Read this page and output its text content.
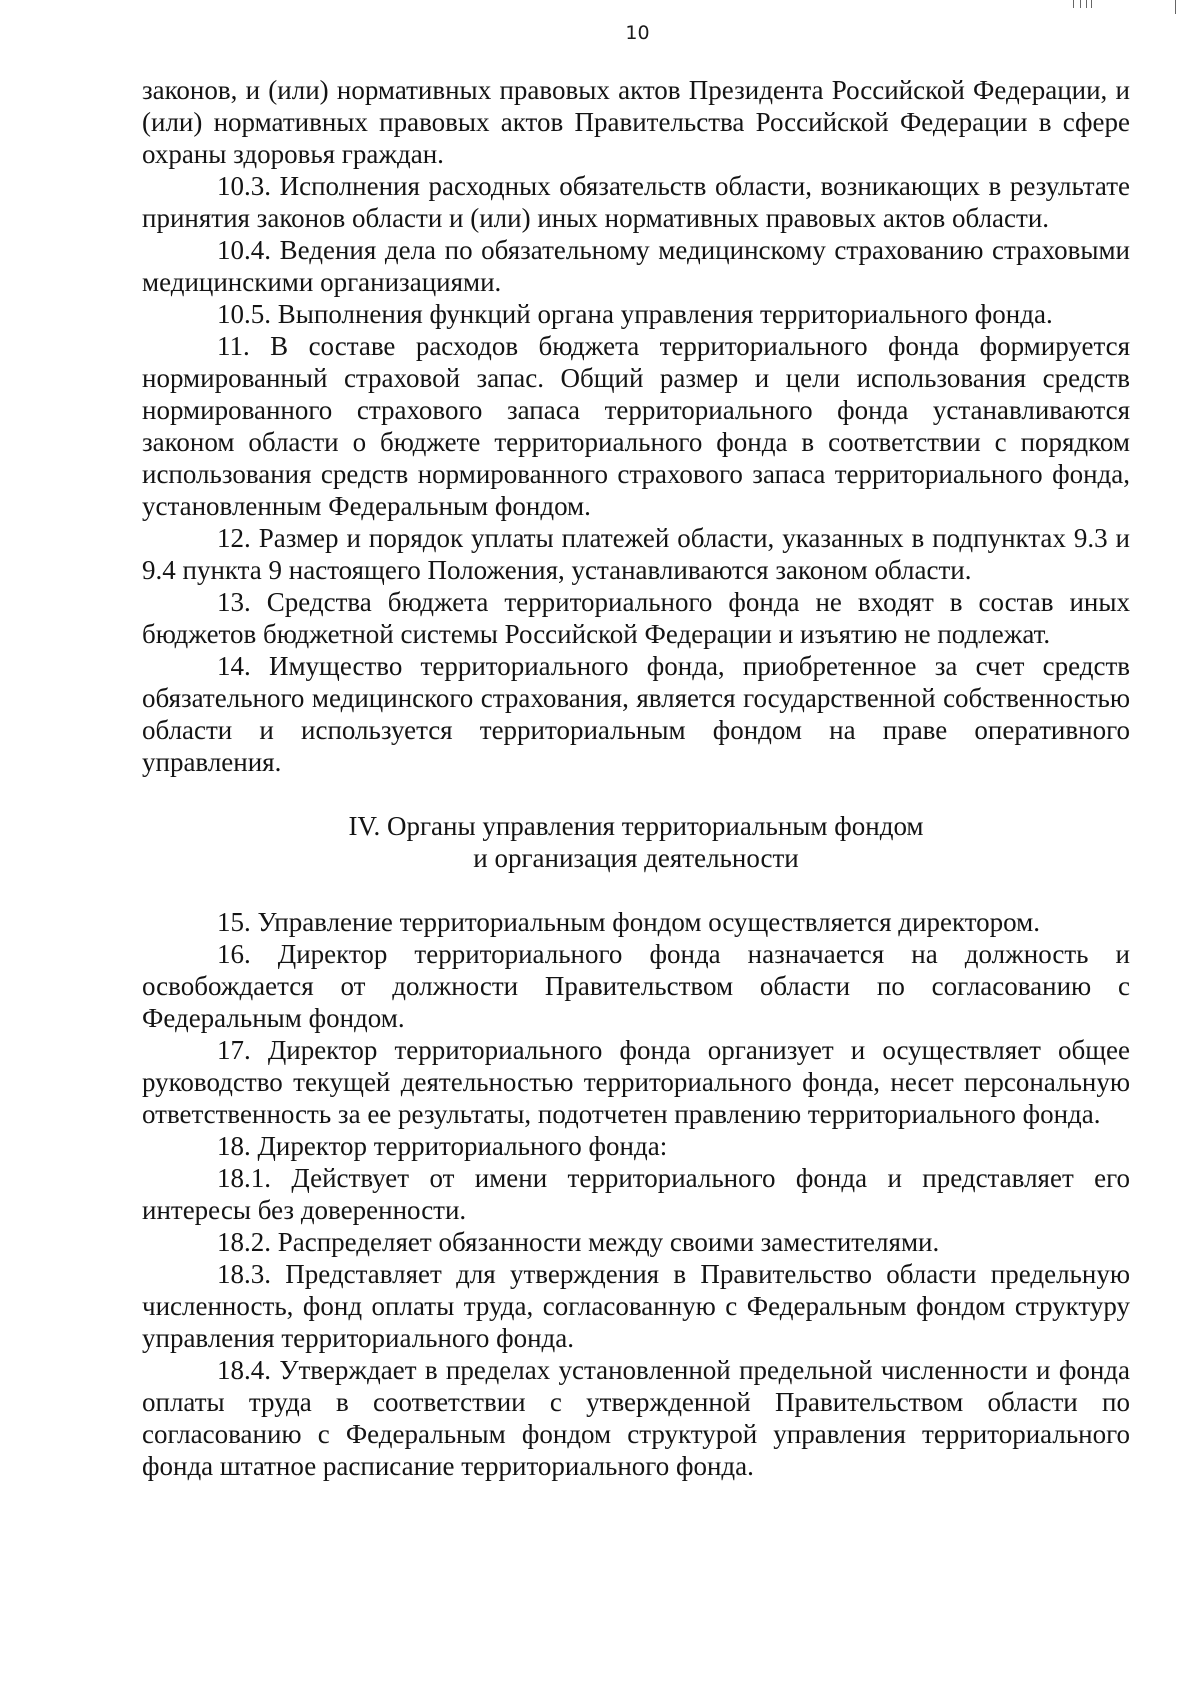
10

законов, и (или) нормативных правовых актов Президента Российской Федерации, и (или) нормативных правовых актов Правительства Российской Федерации в сфере охраны здоровья граждан.

10.3. Исполнения расходных обязательств области, возникающих в результате принятия законов области и (или) иных нормативных правовых актов области.

10.4. Ведения дела по обязательному медицинскому страхованию страховыми медицинскими организациями.

10.5. Выполнения функций органа управления территориального фонда.

11. В составе расходов бюджета территориального фонда формируется нормированный страховой запас. Общий размер и цели использования средств нормированного страхового запаса территориального фонда устанавливаются законом области о бюджете территориального фонда в соответствии с порядком использования средств нормированного страхового запаса территориального фонда, установленным Федеральным фондом.

12. Размер и порядок уплаты платежей области, указанных в подпунктах 9.3 и 9.4 пункта 9 настоящего Положения, устанавливаются законом области.

13. Средства бюджета территориального фонда не входят в состав иных бюджетов бюджетной системы Российской Федерации и изъятию не подлежат.

14. Имущество территориального фонда, приобретенное за счет средств обязательного медицинского страхования, является государственной собственностью области и используется территориальным фондом на праве оперативного управления.

IV. Органы управления территориальным фондом
и организация деятельности

15. Управление территориальным фондом осуществляется директором.

16. Директор территориального фонда назначается на должность и освобождается от должности Правительством области по согласованию с Федеральным фондом.

17. Директор территориального фонда организует и осуществляет общее руководство текущей деятельностью территориального фонда, несет персональную ответственность за ее результаты, подотчетен правлению территориального фонда.

18. Директор территориального фонда:

18.1. Действует от имени территориального фонда и представляет его интересы без доверенности.

18.2. Распределяет обязанности между своими заместителями.

18.3. Представляет для утверждения в Правительство области предельную численность, фонд оплаты труда, согласованную с Федеральным фондом структуру управления территориального фонда.

18.4. Утверждает в пределах установленной предельной численности и фонда оплаты труда в соответствии с утвержденной Правительством области по согласованию с Федеральным фондом структурой управления территориального фонда штатное расписание территориального фонда.
